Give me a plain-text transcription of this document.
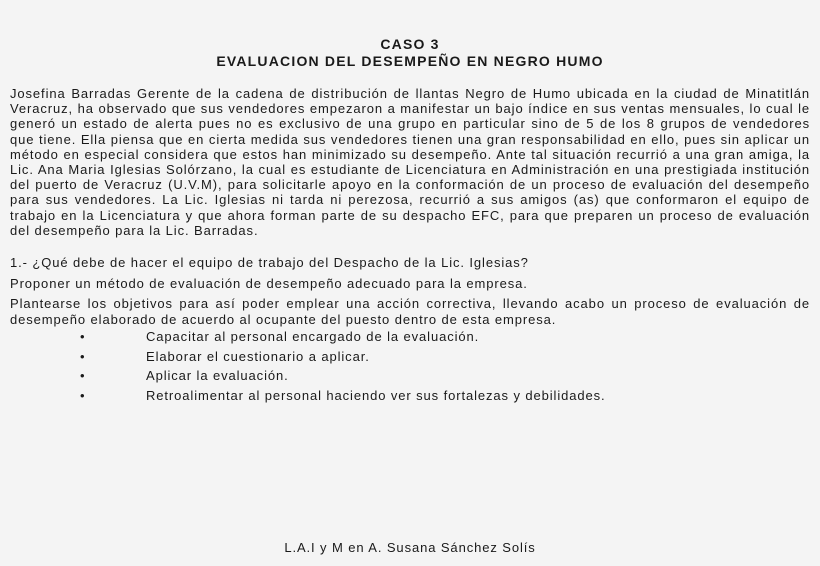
CASO 3
EVALUACION DEL DESEMPEÑO EN NEGRO HUMO

Josefina Barradas Gerente de la cadena de distribución de llantas Negro de Humo ubicada en la ciudad de Minatitlán Veracruz, ha observado que sus vendedores empezaron a manifestar un bajo índice en sus ventas mensuales, lo cual le generó un estado de alerta pues no es exclusivo de una grupo en particular sino de 5 de los 8 grupos de vendedores que tiene. Ella piensa que en cierta medida sus vendedores tienen una gran responsabilidad en ello, pues sin aplicar un método en especial considera que estos han minimizado su desempeño. Ante tal situación recurrió a una gran amiga, la Lic. Ana Maria Iglesias Solórzano, la cual es estudiante de Licenciatura en Administración en una prestigiada institución del puerto de Veracruz (U.V.M), para solicitarle apoyo en la conformación de un proceso de evaluación del desempeño para sus vendedores. La Lic. Iglesias ni tarda ni perezosa, recurrió a sus amigos (as) que conformaron el equipo de trabajo en la Licenciatura y que ahora forman parte de su despacho EFC, para que preparen un proceso de evaluación del desempeño para la Lic. Barradas.

1.- ¿Qué debe de hacer el equipo de trabajo del Despacho de la Lic. Iglesias?

Proponer un método de evaluación de desempeño adecuado para la empresa.

Plantearse los objetivos para así poder emplear una acción correctiva, llevando acabo un proceso de evaluación de desempeño elaborado de acuerdo al ocupante del puesto dentro de esta empresa.

•	Capacitar al personal encargado de la evaluación.
•	Elaborar el cuestionario a aplicar.
•	Aplicar la evaluación.
•	Retroalimentar al personal haciendo ver sus fortalezas y debilidades.
L.A.I y M en A. Susana Sánchez Solís
